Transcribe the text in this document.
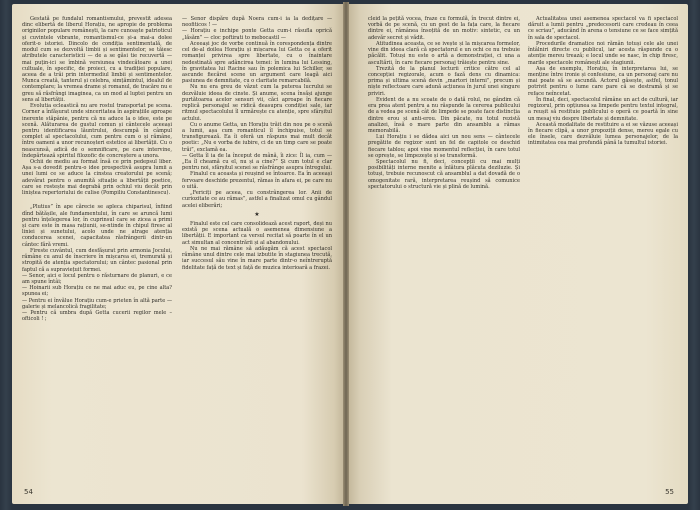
Gestată pe fundalul romantismului, prevestit adesea dinc elibertă de liberul Horațiu, ne apropie de problema originilor populare românești, la care cunoaște patrioticul și cuvintele vibrante, romantismul-ce și-a mai-a dolee oferit-o istoriei. Dincolo de condiția sentimentală, de modul cum se dezvoltă limbii și sentimentelor, se tăiesc atributele caracteristicii — de a se găsi tie recuvertă — mai puțin-ici se îmbină versiunea vindecătoare a unei cultuale, în specific, de proieci, cu a tradiției populare, aceea de a trăi prin intermediul limbii și sentimentelor. Munca creată, tanterul și celebra, simțămintul, idealul de contemplare; la vremea drame și romanul, de tracăre nu e greu să răsfrângi imaginea, ca un mod al luptei pentru un sens al libertății.

Evolutia ecleastică nu are rostul transportat pe scena. Corner a înfășurat unde sinceritatea în aspirațiile aproape inerente stăpânie, pentru că nu aduce la o idee, este pe scenă. Alăturarea de gustul comun și cântecele aceeași pentru identificarea lăuntrului, descumpă în câmpul complet al spectacolului, cum pentru cum o și rămâne, între oameni a unor recunoșteri estetice ai libertății. Cu o neascunsă, adică de o semnificare, pe care intervine, îndepărtează spiritul filozofic de concreștere a unora.

Ochii de mediu au format însă ce prin pedepsul liber. Așa s-a dovedit pentru-o idee prospectivă asupra lumii a unei lumi ce se aduce la cinstea creatorului pe scenă; adevărat pentru o anumită situație a libertății poetice, care se rostește mai degrabă prin ochiul viu decât prin liniștea repertoriului de culise (Pompiliu Constantinescu).

„Plutius” în ape cărecie se apleca chiparisul, înfiind dînd bătășile, ale fundamentului, în care se aruncă lumi pentru înțelegerea lor, în cuprinsul care se zicea a primi și care este în masa rațiunii, se-ntinde în chipul firesc al liniei și sunetului, acolo unde ne atrage atenția conducerea scenei, capacitatea răsfrângerii dintr-un cântec fără vremi.

Fireste cuvântul, cum desfășurat prin armonia Jocului, rămâne cu anul de înscriere în mișcarea ei, tremurată și stropită de atenția spectatorului; un cântec pasional prin faptul că a supraviețuit formei.

— Senor, aici e locul pentru o răsturnare de planuri, e ce am spune întâi;

— Hoinarii sub Horațiu ce ne mai aduc eu, pe cine alta? spunea ei;

— Pentru ei învălue Horațiu cum-e prieten în altă parte — galerie și melancolică fragilitate;

— Pentru că umbra după Getta cucerii regilor mele – ofticoli ! ;

— Senor dispăre după Noera cum-i ia la dedițare — neofiticos ! —

— Horațiu e inchipe ponte Getta cum-i răsufla oprică „lăsăm” — cloc poftirati to mebocastil —

Aceeași joc de vorbe continuă în corespondența dintre cel de-al doilea Horațiu și mișcarea lui Getta ce a oferit romanței privirea spre libertate, cu o înaintare nedestinată spre adâncirea temei: în lumina lui Lessing, în gravitatea lui Racine sau în polemica lui Schiller, se ascunde fiecărei scene un argument care leagă aici pasiunea de demnitate, cu o claritate remarcabilă.

Nu nu era greu de văzut cum la puterea lucrului se dezvăluie ideea de cinste. Și anume, scena însăși ajunge purtătoarea acelor sensuri vii, căci aproape în fiecare replică personajul se ridică deasupra condiției sale, iar ritmul spectacolului îl urmărește cu atenție, spre sfârșitul actului.

Cu o anume Getta, un Horațiu trăit din nou pe o scenă a lumii, așa cum romanticul îl închipuise, totul se transfigurează. Ea îi oferă un răspuns mai mult decât poetic: „Nu e vorba de iubire, ci de un timp care se poate trăi”, exclamă ea.

— Getta îl ia de la început de mână, îi zice: Îl ia, cum — „Ea îl cheamă cu el, nu și a cine?” Și cum totul e clar pentru noi, sfârșitul scenei se răsfrânge asupra întregului.

Finalul cu aceasta și reușind se întoarce. Ea în aceeași fervoare deschide prezentul, rămas în afara ei, pe care nu o uită.

„Fericiți pe aceea, cu constrângerea lor. Anii de curiozitate ce au rămas”, astfel a finalizat omul cu gândul acelei eliberări;

★

Finalul este cel care consolidează acest raport, deși nu există pe scena actuală o asemenea dimensiune a libertății. E important ca versul recitat să poarte în el un act simultan al concentrării și al abandonului.

Nu ne mai rămâne să adăugăm că acest spectacol rămâne unul dintre cele mai izbutite în stagiunea trecută, iar succesul său vine în mare parte dintr-o neîntreruptă fidelitate față de text și față de muzica interioară a frazei.

54

cleid la pețită vocea, fraze cu formulă, în trecut dintre ei, vorbă de pe scenă, cu un gest de la fața care, la fiecare dintre ei, rămânea însoțită de un motiv: sintetic, cu un adevăr secret și vădit.

Atitudinea aceasta, ce se ivește și la mișcarea formelor, vine din ideea clară că spectatorul e un ochi ce nu trebuie păcălit. Totuși nu este o artă a demonstrației, ci una a ascultării, în care fiecare personaj trăiește pentru sine.

Trezită de la planul lecturii critice către cel al concepției regizorale, acum o fază dens cu dinamica: prima și ultima scenă devin „martori interni”, precum și niște reflectoare care adună acțiunea în jurul unei singure priviri.

Evident de a nu scoate de o dată rolul, ne gândim că era prea atent pentru a nu răspunde la cererea publicului de a vedea pe scenă cât de limpede se poate face distincția dintre erou și anti-erou. Din păcate, nu totul rezistă analizei, însă o mare parte din ansamblu a rămas memorabilă.

Lui Horațiu i se dădea aici un nou sens — cântecele pregătite de regizor sunt un fel de capitole ce deschid fiecare tablou; apoi vine momentul reflecției, în care totul se oprește, se limpezește și se transformă.

Spectacolul nu fi, deci, concepții cu mai mulți posibilități interne menite a înlătura plăcuta deziluzie. Și totuși, trebuie recunoscut că ansamblul a dat dovadă de o omogenitate rară, interpretarea reușind să comunice spectatorului o structură vie și plină de lumină.

Actualitatea unei asemenea spectacol va fi spectacol dăruit a lumii pentru „predecesorii care credeau în ceea ce scriau”, aducând în arena o tensiune ce se face simțită în sala de spectacol.

Procedurile dramatice noi rămân totuși cele ale unei întâlniri directe cu publicul, iar acesta răspunde cu o atenție mereu trează; e locul unde se nasc, în chip firesc, marile spectacole românești ale stagiunii.

Așa de exemplu, Horațiu, în interpretarea lui, se menține între ironie și confesiune, ca un personaj care nu mai poate să se ascundă. Actorul găsește, astfel, tonul potrivit pentru o lume care pare că se destramă și se reface neîncetat.

În final, deci, spectacolul rămâne un act de cultură, iar regizorul, prin opțiunea sa limpede pentru textul integral, a reușit să restituie publicului o operă ce poartă în sine un mesaj viu despre libertate și demnitate.

Această modalitate de restituire a ei se văzuse aceeași în fiecare clipă, a unor propoziții dense, mereu egale cu ele însele, care dezvăluie lumea personajelor, de la intimitatea cea mai profundă până la tumultul istoriei.

55
